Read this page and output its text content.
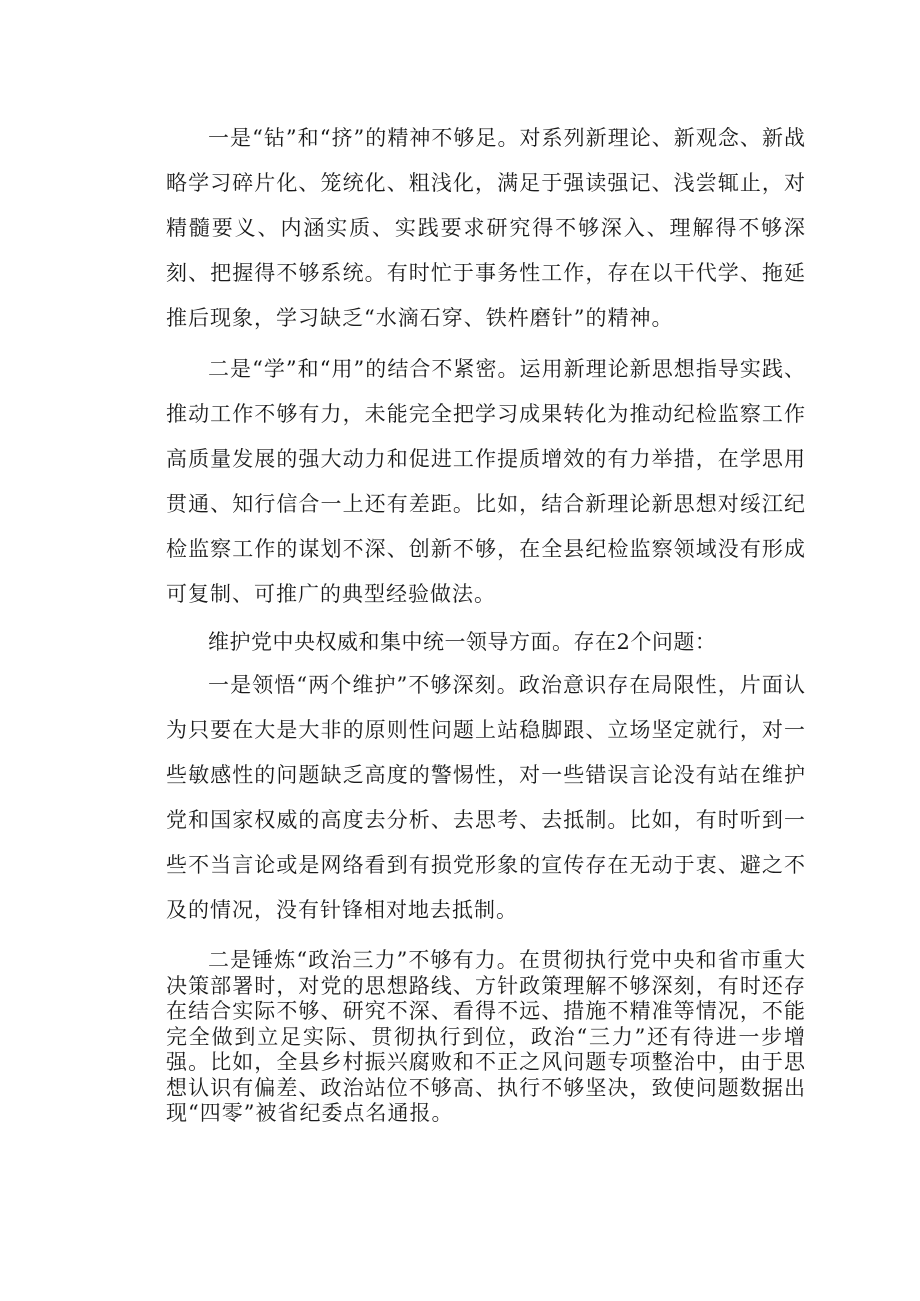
一是“钻”和“挤”的精神不够足。对系列新理论、新观念、新战略学习碎片化、笼统化、粗浅化，满足于强读强记、浅尝辄止，对精髓要义、内涵实质、实践要求研究得不够深入、理解得不够深刻、把握得不够系统。有时忙于事务性工作，存在以干代学、拖延推后现象，学习缺乏“水滴石穿、铁杵磨针”的精神。

二是“学”和“用”的结合不紧密。运用新理论新思想指导实践、推动工作不够有力，未能完全把学习成果转化为推动纪检监察工作高质量发展的强大动力和促进工作提质增效的有力举措，在学思用贯通、知行信合一上还有差距。比如，结合新理论新思想对绥江纪检监察工作的谋划不深、创新不够，在全县纪检监察领域没有形成可复制、可推广的典型经验做法。

维护党中央权威和集中统一领导方面。存在2个问题：

一是领悟“两个维护”不够深刻。政治意识存在局限性，片面认为只要在大是大非的原则性问题上站稳脚跟、立场坚定就行，对一些敏感性的问题缺乏高度的警惕性，对一些错误言论没有站在维护党和国家权威的高度去分析、去思考、去抵制。比如，有时听到一些不当言论或是网络看到有损党形象的宣传存在无动于衷、避之不及的情况，没有针锋相对地去抵制。

二是锤炼“政治三力”不够有力。在贯彻执行党中央和省市重大决策部署时，对党的思想路线、方针政策理解不够深刻，有时还存在结合实际不够、研究不深、看得不远、措施不精准等情况，不能完全做到立足实际、贯彻执行到位，政治“三力”还有待进一步增强。比如，全县乡村振兴腐败和不正之风问题专项整治中，由于思想认识有偏差、政治站位不够高、执行不够坚决，致使问题数据出现“四零”被省纪委点名通报。
